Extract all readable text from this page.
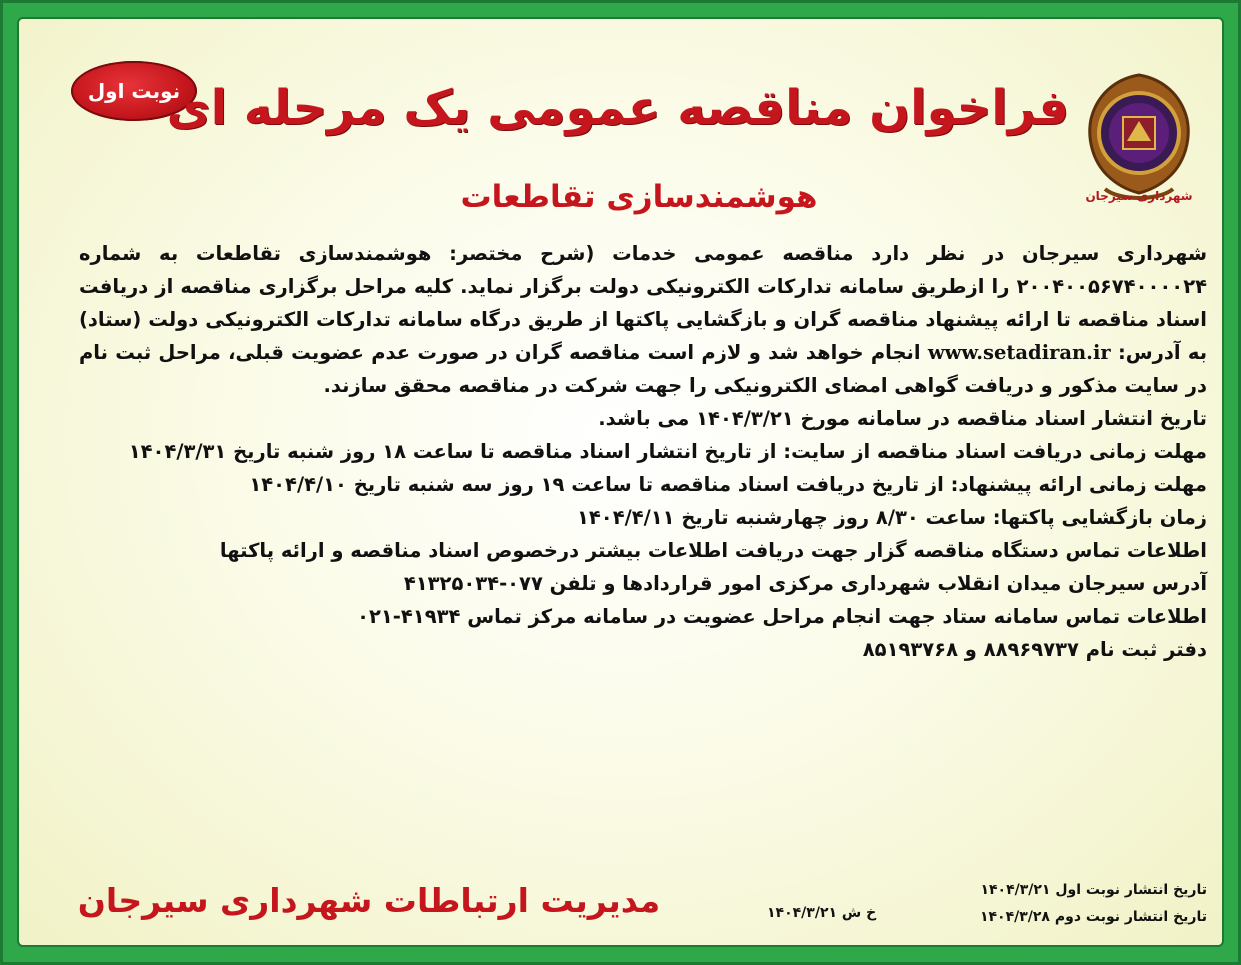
نوبت اول
شهرداری سیرجان
فراخوان مناقصه عمومی یک مرحله ای
هوشمندسازی تقاطعات

شهرداری سیرجان در نظر دارد مناقصه عمومی خدمات (شرح مختصر: هوشمندسازی تقاطعات به شماره ۲۰۰۴۰۰۵۶۷۴۰۰۰۰۲۴ را ازطریق سامانه تدارکات الکترونیکی دولت برگزار نماید. کلیه مراحل برگزاری مناقصه از دریافت اسناد مناقصه تا ارائه پیشنهاد مناقصه گران و بازگشایی پاکتها از طریق درگاه سامانه تدارکات الکترونیکی دولت (ستاد) به آدرس: www.setadiran.ir انجام خواهد شد و لازم است مناقصه گران در صورت عدم عضویت قبلی، مراحل ثبت نام در سایت مذکور و دریافت گواهی امضای الکترونیکی را جهت شرکت در مناقصه محقق سازند.

تاریخ انتشار اسناد مناقصه در سامانه مورخ ۱۴۰۴/۳/۲۱ می باشد.

مهلت زمانی دریافت اسناد مناقصه از سایت: از تاریخ انتشار اسناد مناقصه تا ساعت ۱۸ روز شنبه تاریخ ۱۴۰۴/۳/۳۱

مهلت زمانی ارائه پیشنهاد: از تاریخ دریافت اسناد مناقصه تا ساعت ۱۹ روز سه شنبه تاریخ ۱۴۰۴/۴/۱۰

زمان بازگشایی پاکتها: ساعت ۸/۳۰ روز چهارشنبه تاریخ ۱۴۰۴/۴/۱۱

اطلاعات تماس دستگاه مناقصه گزار جهت دریافت اطلاعات بیشتر درخصوص اسناد مناقصه و ارائه پاکتها

آدرس سیرجان میدان انقلاب شهرداری مرکزی امور قراردادها و تلفن ۰۷۷-۴۱۳۲۵۰۳۴

اطلاعات تماس سامانه ستاد جهت انجام مراحل عضویت در سامانه مرکز تماس ۴۱۹۳۴-۰۲۱

دفتر ثبت نام ۸۸۹۶۹۷۳۷ و ۸۵۱۹۳۷۶۸

تاریخ انتشار نوبت اول ۱۴۰۴/۳/۲۱
تاریخ انتشار نوبت دوم ۱۴۰۴/۳/۲۸
خ ش ۱۴۰۴/۳/۲۱
مدیریت ارتباطات شهرداری سیرجان
